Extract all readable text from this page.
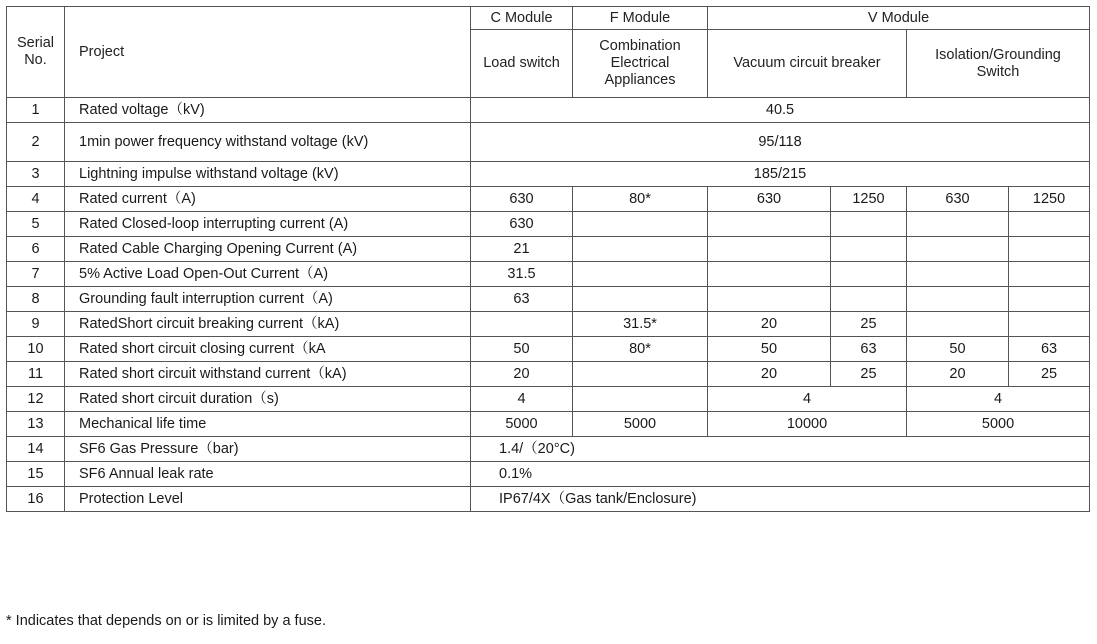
Serial No.	Project	C Module	F Module	V Module			
		Load switch	Combination Electrical Appliances	Vacuum circuit breaker		Isolation/Grounding Switch	
1	Rated voltage（kV)	40.5					
2	1min power frequency withstand voltage (kV)	95/118					
3	Lightning impulse withstand voltage (kV)	185/215					
4	Rated current（A)	630	80*	630	1250	630	1250
5	Rated Closed-loop interrupting current (A)	630					
6	Rated Cable Charging Opening Current (A)	21					
7	5% Active Load Open-Out Current（A)	31.5					
8	Grounding fault interruption current（A)	63					
9	RatedShort circuit breaking current（kA)		31.5*	20	25		
10	Rated short circuit closing current（kA	50	80*	50	63	50	63
11	Rated short circuit withstand current（kA)	20		20	25	20	25
12	Rated short circuit duration（s)	4		4		4	
13	Mechanical life time	5000	5000	10000		5000	
14	SF6 Gas Pressure（bar)	1.4/（20°C)					
15	SF6 Annual leak rate	0.1%					
16	Protection Level	IP67/4X（Gas tank/Enclosure)					
* Indicates that depends on or is limited by a fuse.
